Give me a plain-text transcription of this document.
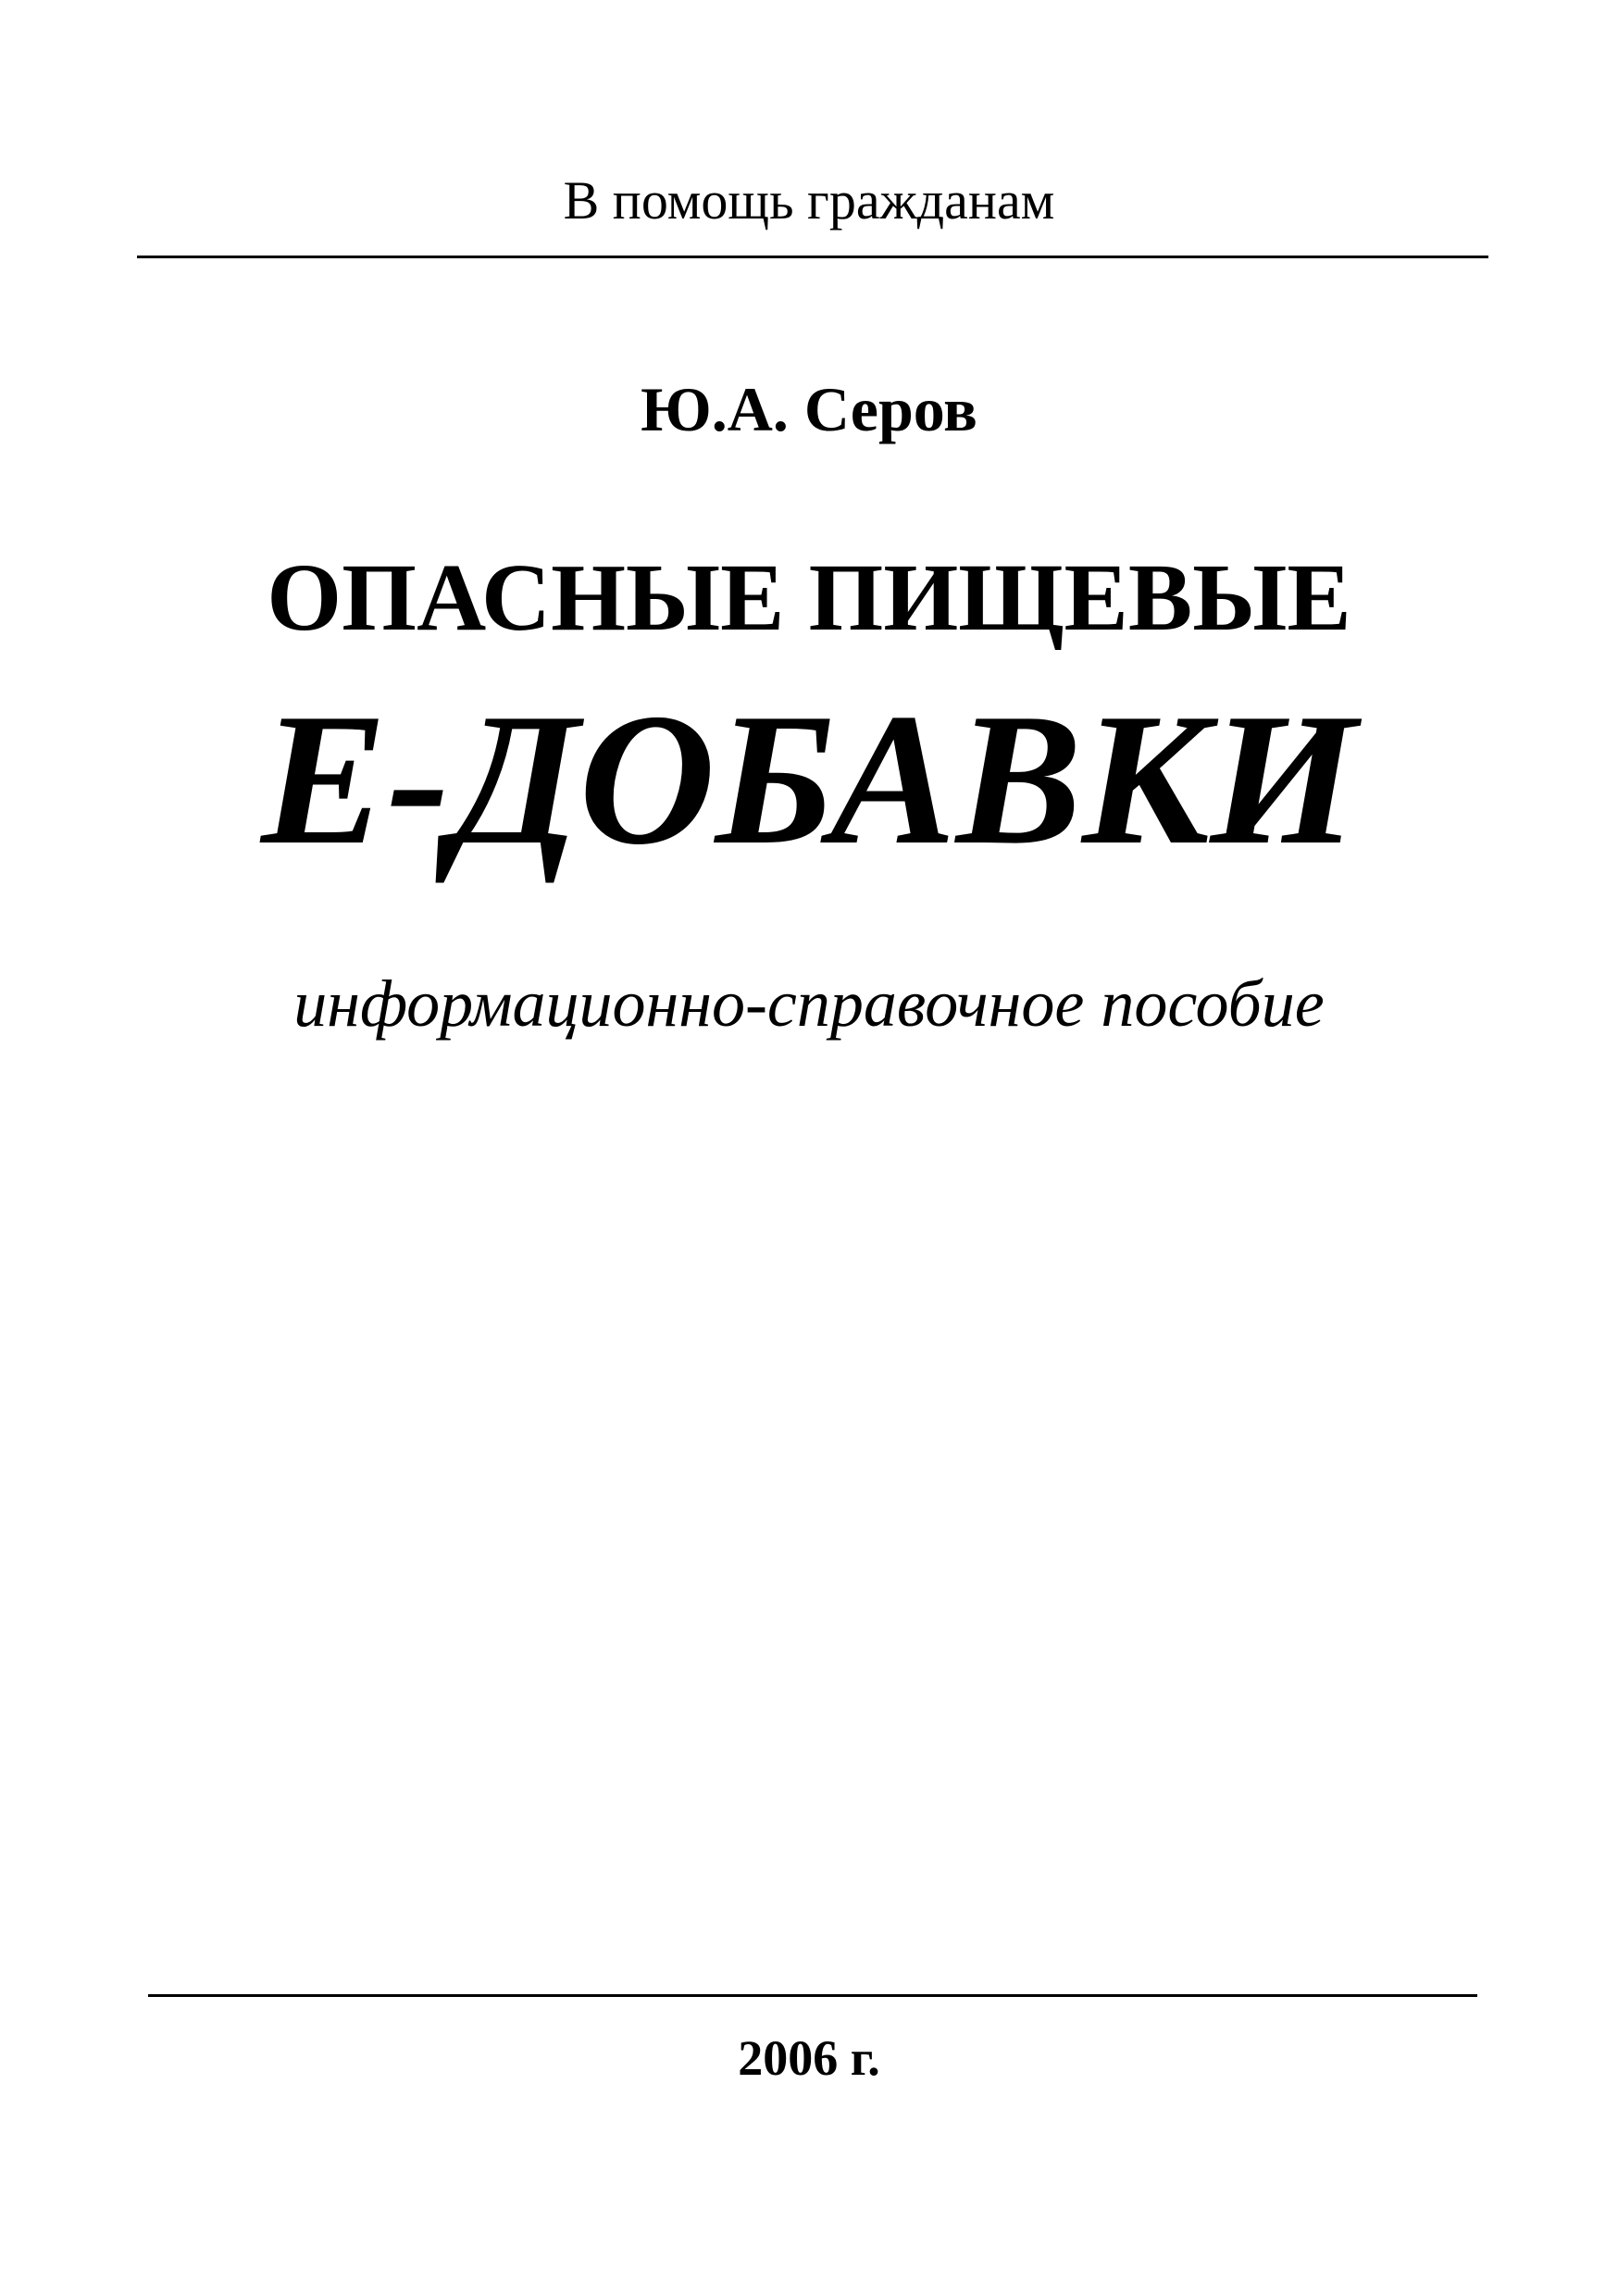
В помощь гражданам
Ю.А. Серов
ОПАСНЫЕ ПИЩЕВЫЕ
Е-ДОБАВКИ
информационно-справочное пособие
2006 г.
